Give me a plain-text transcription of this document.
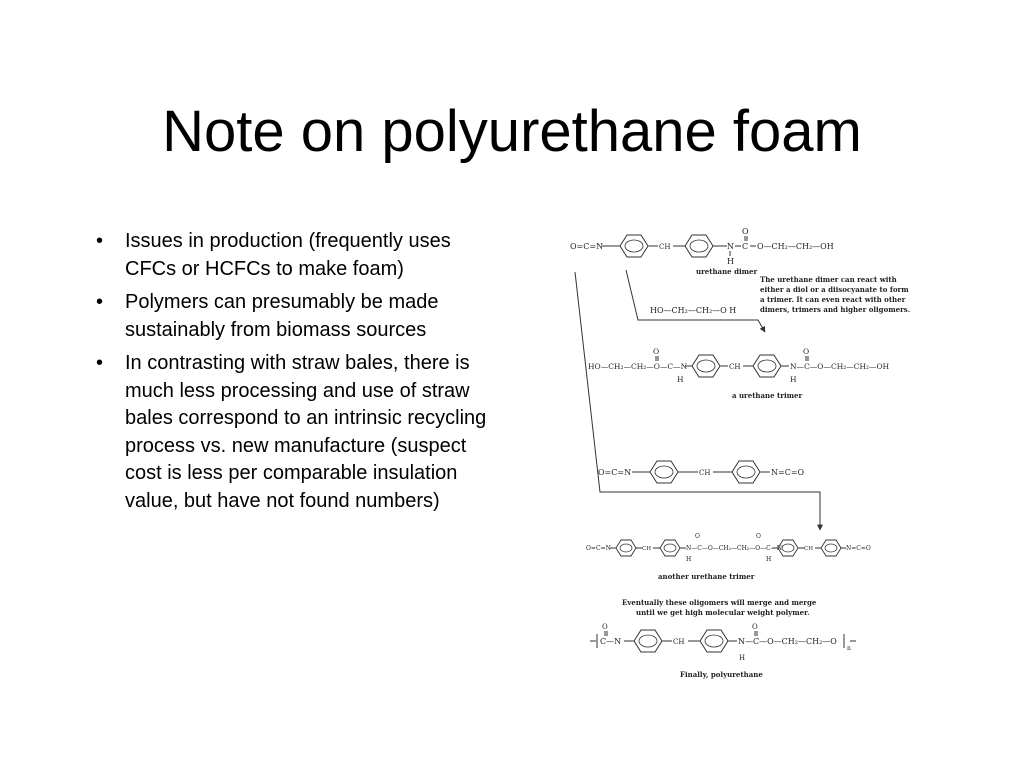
Note on polyurethane foam
• Issues in production (frequently uses CFCs or HCFCs to make foam)
• Polymers can presumably be made sustainably from biomass sources
• In contrasting with straw bales, there is much less processing and use of straw bales correspond to an intrinsic recycling process vs. new manufacture (suspect cost is less per comparable insulation value, but have not found numbers)
O=C=N	CH	N C
O
H
O—CH₂—CH₂—OH
urethane dimer
The urethane dimer can react with
either a diol or a diisocyanate to form
a trimer. It can even react with other
dimers, trimers and higher oligomers.
HO—CH₂—CH₂—O H
HO—CH₂—CH₂—O—C—N
O
H
CH	N—C—O—CH₂—CH₂—OH
O
H
a urethane trimer
O=C=N	CH	N=C=O
O=C=N	CH	N—C—O—CH₂—CH₂—O—C—N
O	O
H	H
CH	N=C=O
another urethane trimer
Eventually these oligomers will merge and merge
until we get high molecular weight polymer.
C—N
O
CH	N—C—O—CH₂—CH₂—O
O
H
n
Finally, polyurethane
